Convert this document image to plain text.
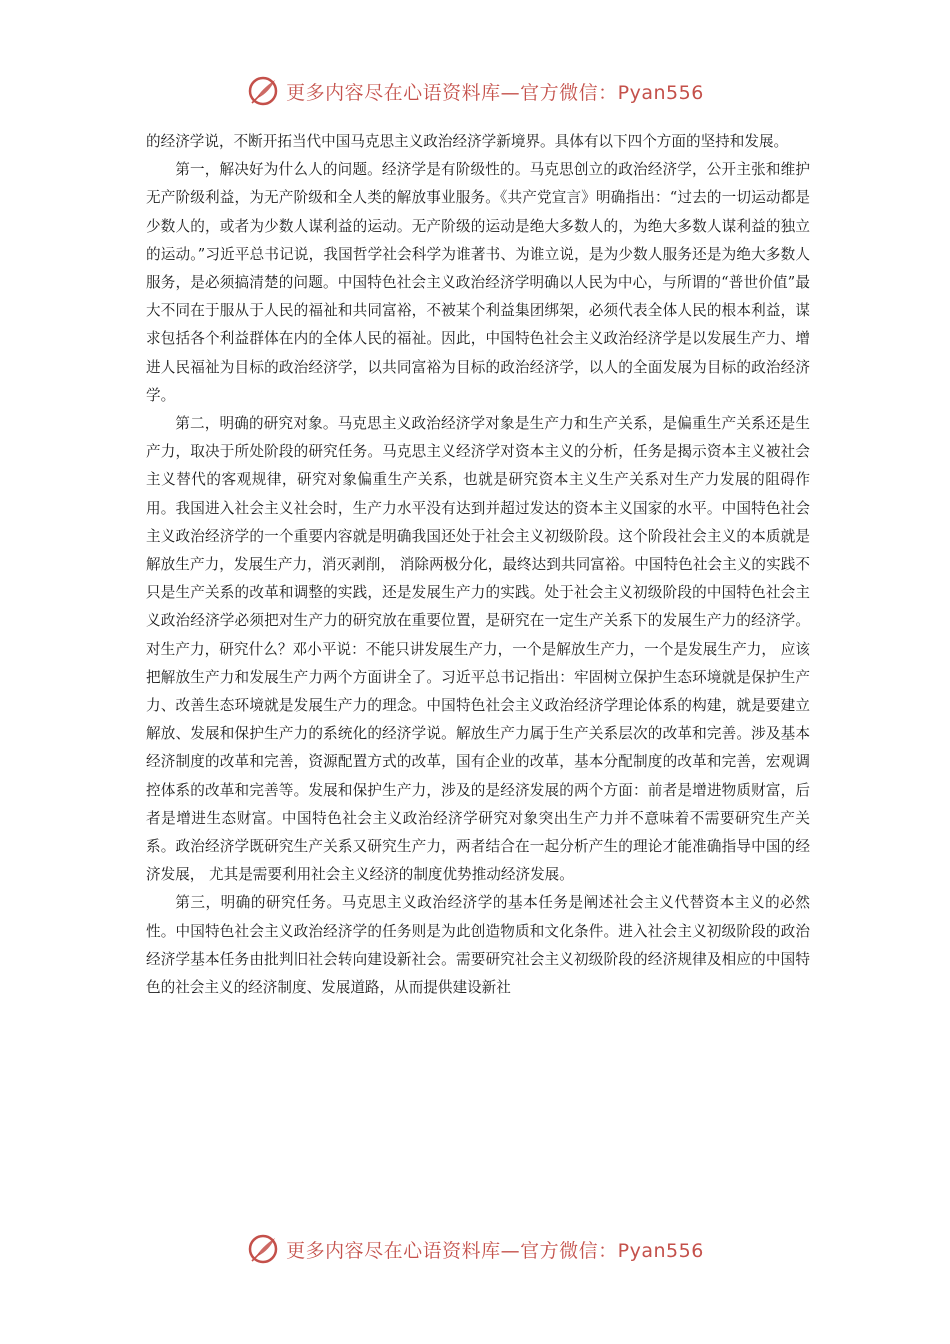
更多内容尽在心语资料库—官方微信：Pyan556

的经济学说，不断开拓当代中国马克思主义政治经济学新境界。具体有以下四个方面的坚持和发展。

第一，解决好为什么人的问题。经济学是有阶级性的。马克思创立的政治经济学，公开主张和维护无产阶级利益，为无产阶级和全人类的解放事业服务。《共产党宣言》明确指出：“过去的一切运动都是少数人的，或者为少数人谋利益的运动。无产阶级的运动是绝大多数人的，为绝大多数人谋利益的独立的运动。”习近平总书记说，我国哲学社会科学为谁著书、为谁立说，是为少数人服务还是为绝大多数人服务，是必须搞清楚的问题。中国特色社会主义政治经济学明确以人民为中心，与所谓的“普世价值”最大不同在于服从于人民的福祉和共同富裕，不被某个利益集团绑架，必须代表全体人民的根本利益，谋求包括各个利益群体在内的全体人民的福祉。因此，中国特色社会主义政治经济学是以发展生产力、增进人民福祉为目标的政治经济学，以共同富裕为目标的政治经济学，以人的全面发展为目标的政治经济学。

第二，明确的研究对象。马克思主义政治经济学对象是生产力和生产关系，是偏重生产关系还是生产力，取决于所处阶段的研究任务。马克思主义经济学对资本主义的分析，任务是揭示资本主义被社会主义替代的客观规律，研究对象偏重生产关系，也就是研究资本主义生产关系对生产力发展的阻碍作用。我国进入社会主义社会时，生产力水平没有达到并超过发达的资本主义国家的水平。中国特色社会主义政治经济学的一个重要内容就是明确我国还处于社会主义初级阶段。这个阶段社会主义的本质就是解放生产力，发展生产力，消灭剥削， 消除两极分化，最终达到共同富裕。中国特色社会主义的实践不只是生产关系的改革和调整的实践，还是发展生产力的实践。处于社会主义初级阶段的中国特色社会主义政治经济学必须把对生产力的研究放在重要位置，是研究在一定生产关系下的发展生产力的经济学。对生产力，研究什么？邓小平说：不能只讲发展生产力，一个是解放生产力，一个是发展生产力， 应该把解放生产力和发展生产力两个方面讲全了。习近平总书记指出：牢固树立保护生态环境就是保护生产力、改善生态环境就是发展生产力的理念。中国特色社会主义政治经济学理论体系的构建，就是要建立解放、发展和保护生产力的系统化的经济学说。解放生产力属于生产关系层次的改革和完善。涉及基本经济制度的改革和完善，资源配置方式的改革，国有企业的改革，基本分配制度的改革和完善，宏观调控体系的改革和完善等。发展和保护生产力，涉及的是经济发展的两个方面：前者是增进物质财富，后者是增进生态财富。中国特色社会主义政治经济学研究对象突出生产力并不意味着不需要研究生产关系。政治经济学既研究生产关系又研究生产力，两者结合在一起分析产生的理论才能准确指导中国的经济发展， 尤其是需要利用社会主义经济的制度优势推动经济发展。

第三，明确的研究任务。马克思主义政治经济学的基本任务是阐述社会主义代替资本主义的必然性。中国特色社会主义政治经济学的任务则是为此创造物质和文化条件。进入社会主义初级阶段的政治经济学基本任务由批判旧社会转向建设新社会。需要研究社会主义初级阶段的经济规律及相应的中国特色的社会主义的经济制度、发展道路，从而提供建设新社

更多内容尽在心语资料库—官方微信：Pyan556
